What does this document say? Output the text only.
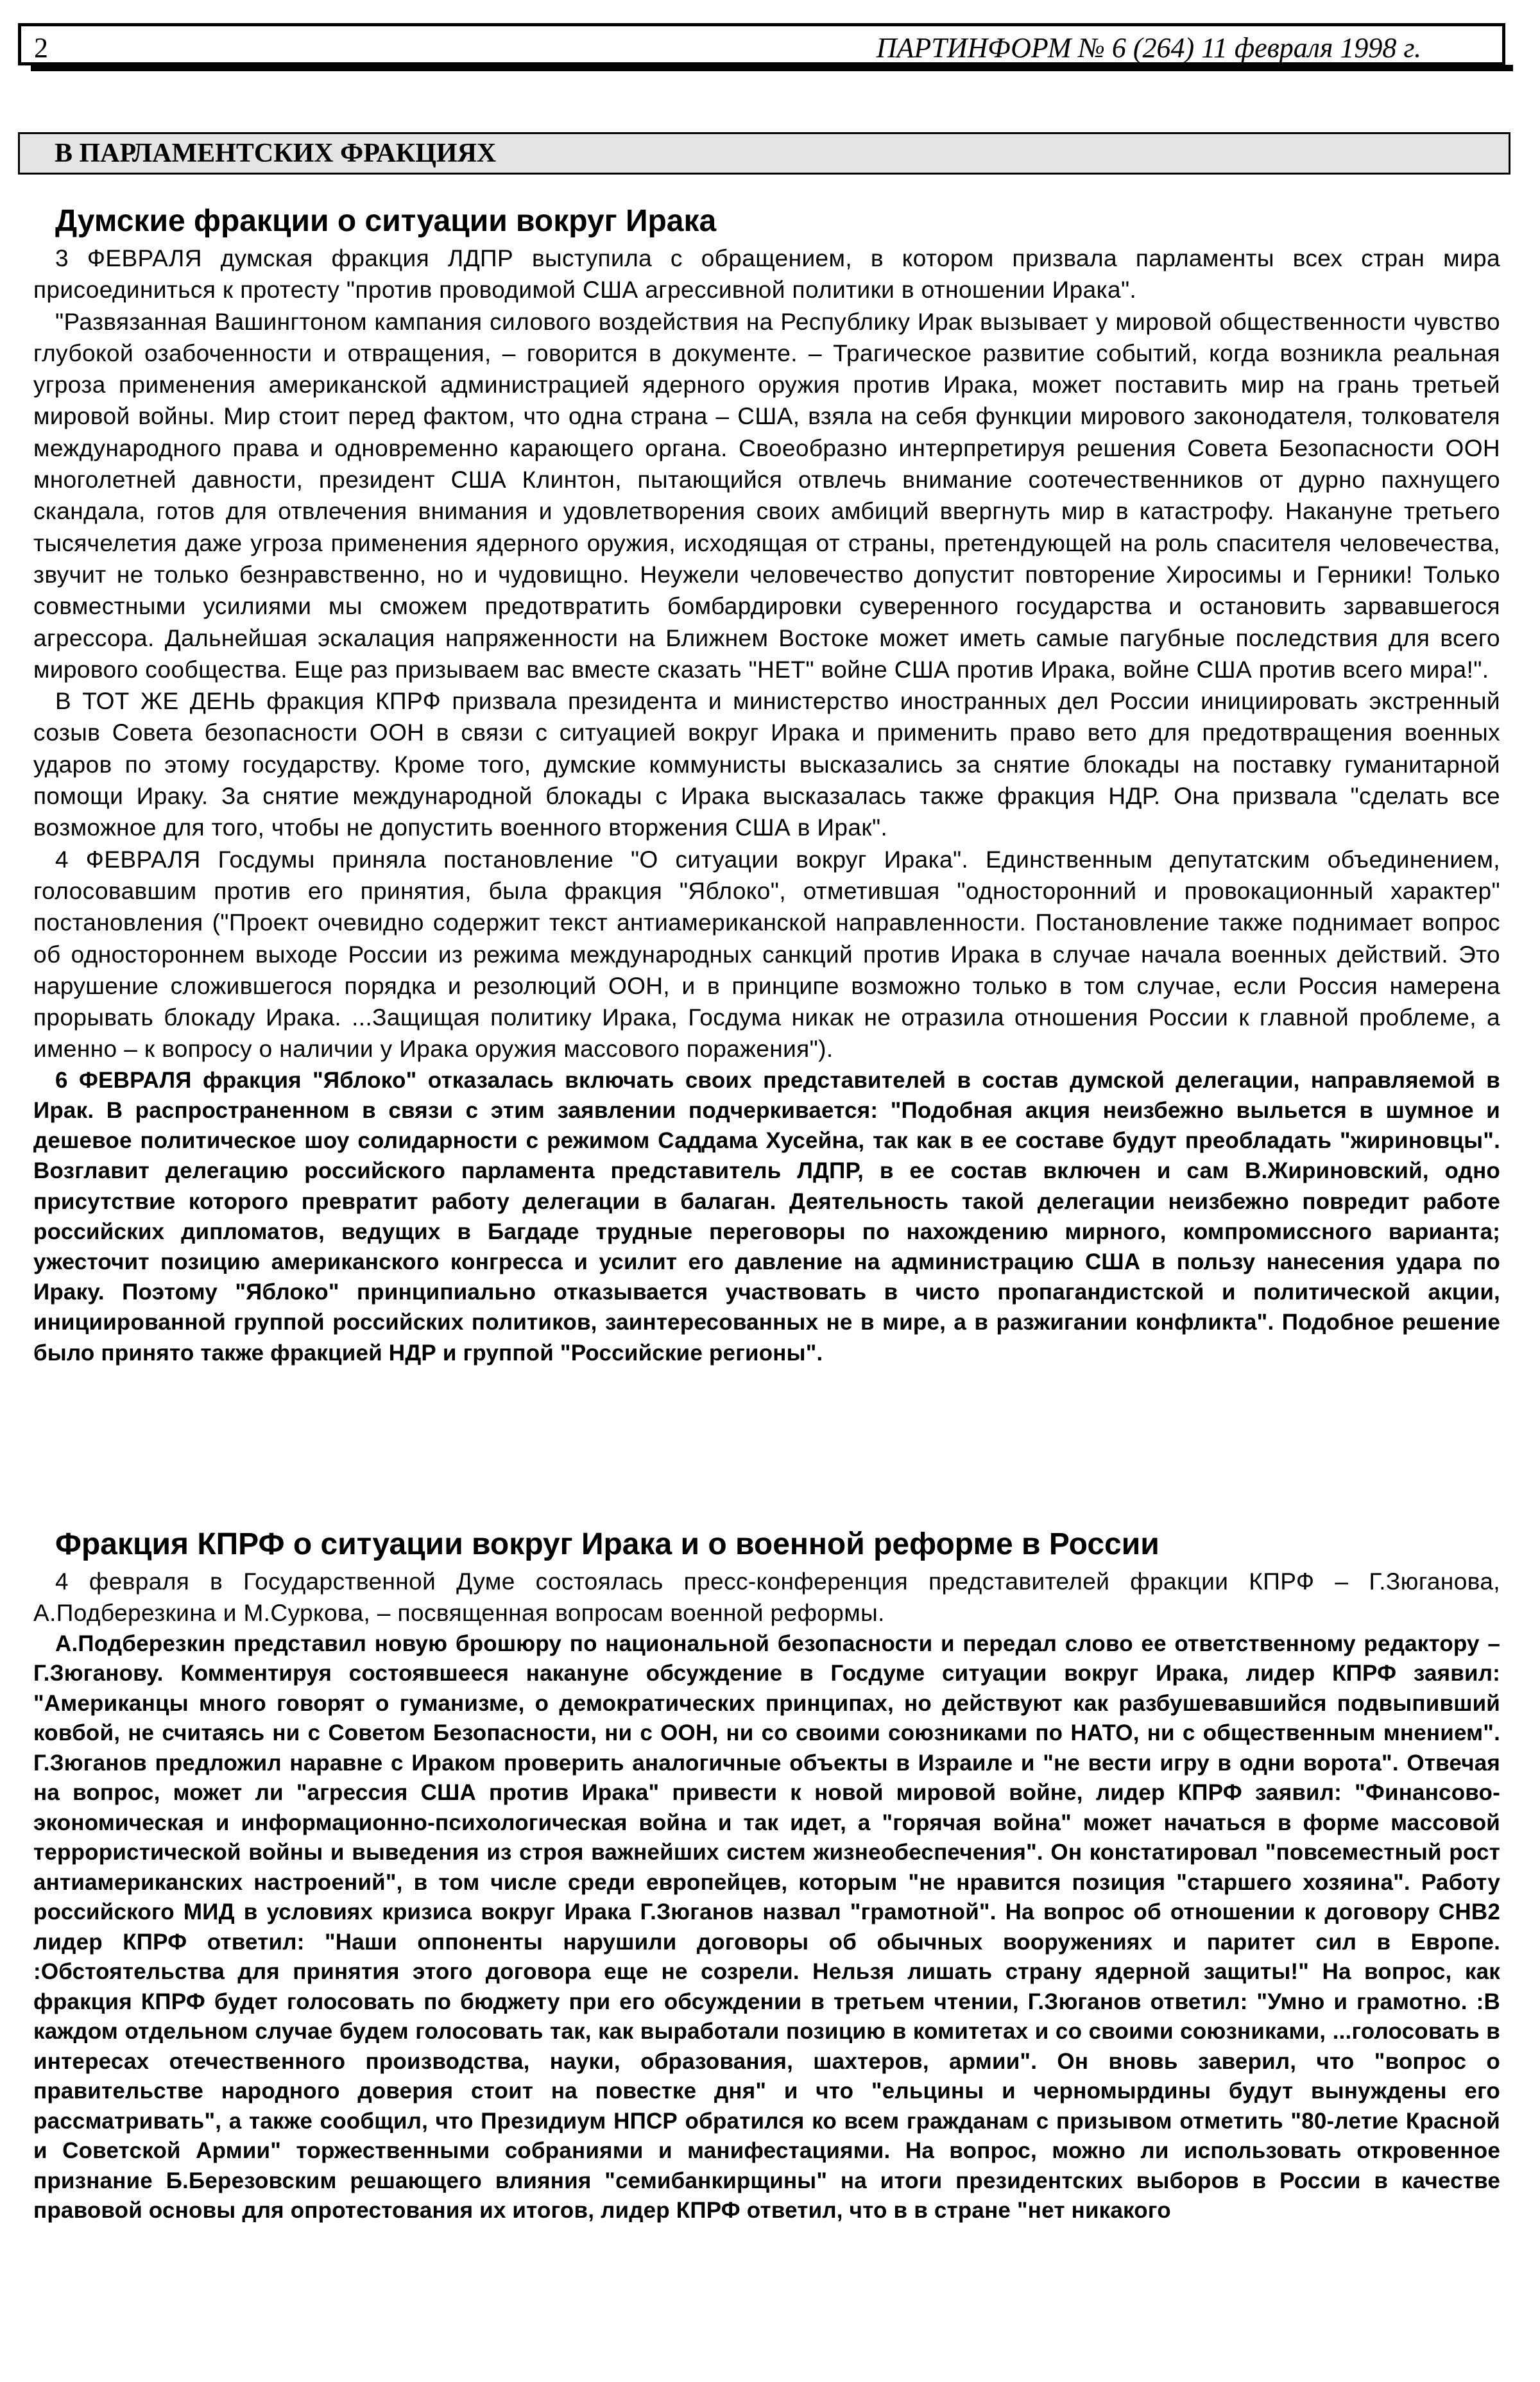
2	ПАРТИНФОРМ № 6 (264) 11 февраля 1998 г.
В ПАРЛАМЕНТСКИХ ФРАКЦИЯХ
Думские фракции о ситуации вокруг Ирака

3 ФЕВРАЛЯ думская фракция ЛДПР выступила с обращением, в котором призвала парламенты всех стран мира присоединиться к протесту "против проводимой США агрессивной политики в отношении Ирака".

"Развязанная Вашингтоном кампания силового воздействия на Республику Ирак вызывает у мировой общественности чувство глубокой озабоченности и отвращения, – говорится в документе. – Трагическое развитие событий, когда возникла реальная угроза применения американской администрацией ядерного оружия против Ирака, может поставить мир на грань третьей мировой войны. Мир стоит перед фактом, что одна страна – США, взяла на себя функции мирового законодателя, толкователя международного права и одновременно карающего органа. Своеобразно интерпретируя решения Совета Безопасности ООН многолетней давности, президент США Клинтон, пытающийся отвлечь внимание соотечественников от дурно пахнущего скандала, готов для отвлечения внимания и удовлетворения своих амбиций ввергнуть мир в катастрофу. Накануне третьего тысячелетия даже угроза применения ядерного оружия, исходящая от страны, претендующей на роль спасителя человечества, звучит не только безнравственно, но и чудовищно. Неужели человечество допустит повторение Хиросимы и Герники! Только совместными усилиями мы сможем предотвратить бомбардировки суверенного государства и остановить зарвавшегося агрессора. Дальнейшая эскалация напряженности на Ближнем Востоке может иметь самые пагубные последствия для всего мирового сообщества. Еще раз призываем вас вместе сказать "НЕТ" войне США против Ирака, войне США против всего мира!".

В ТОТ ЖЕ ДЕНЬ фракция КПРФ призвала президента и министерство иностранных дел России инициировать экстренный созыв Совета безопасности ООН в связи с ситуацией вокруг Ирака и применить право вето для предотвращения военных ударов по этому государству. Кроме того, думские коммунисты высказались за снятие блокады на поставку гуманитарной помощи Ираку. За снятие международной блокады с Ирака высказалась также фракция НДР. Она призвала "сделать все возможное для того, чтобы не допустить военного вторжения США в Ирак".

4 ФЕВРАЛЯ Госдумы приняла постановление "О ситуации вокруг Ирака". Единственным депутатским объединением, голосовавшим против его принятия, была фракция "Яблоко", отметившая "односторонний и провокационный характер" постановления ("Проект очевидно содержит текст антиамериканской направленности. Постановление также поднимает вопрос об одностороннем выходе России из режима международных санкций против Ирака в случае начала военных действий. Это нарушение сложившегося порядка и резолюций ООН, и в принципе возможно только в том случае, если Россия намерена прорывать блокаду Ирака. ...Защищая политику Ирака, Госдума никак не отразила отношения России к главной проблеме, а именно – к вопросу о наличии у Ирака оружия массового поражения").

6 ФЕВРАЛЯ фракция "Яблоко" отказалась включать своих представителей в состав думской делегации, направляемой в Ирак. В распространенном в связи с этим заявлении подчеркивается: "Подобная акция неизбежно выльется в шумное и дешевое политическое шоу солидарности с режимом Саддама Хусейна, так как в ее составе будут преобладать "жириновцы". Возглавит делегацию российского парламента представитель ЛДПР, в ее состав включен и сам В.Жириновский, одно присутствие которого превратит работу делегации в балаган. Деятельность такой делегации неизбежно повредит работе российских дипломатов, ведущих в Багдаде трудные переговоры по нахождению мирного, компромиссного варианта; ужесточит позицию американского конгресса и усилит его давление на администрацию США в пользу нанесения удара по Ираку. Поэтому "Яблоко" принципиально отказывается участвовать в чисто пропагандистской и политической акции, инициированной группой российских политиков, заинтересованных не в мире, а в разжигании конфликта". Подобное решение было принято также фракцией НДР и группой "Российские регионы".

Фракция КПРФ о ситуации вокруг Ирака и о военной реформе в России

4 февраля в Государственной Думе состоялась пресс-конференция представителей фракции КПРФ – Г.Зюганова, А.Подберезкина и М.Суркова, – посвященная вопросам военной реформы.

А.Подберезкин представил новую брошюру по национальной безопасности и передал слово ее ответственному редактору – Г.Зюганову. Комментируя состоявшееся накануне обсуждение в Госдуме ситуации вокруг Ирака, лидер КПРФ заявил: "Американцы много говорят о гуманизме, о демократических принципах, но действуют как разбушевавшийся подвыпивший ковбой, не считаясь ни с Советом Безопасности, ни с ООН, ни со своими союзниками по НАТО, ни с общественным мнением". Г.Зюганов предложил наравне с Ираком проверить аналогичные объекты в Израиле и "не вести игру в одни ворота". Отвечая на вопрос, может ли "агрессия США против Ирака" привести к новой мировой войне, лидер КПРФ заявил: "Финансово-экономическая и информационно-психологическая война и так идет, а "горячая война" может начаться в форме массовой террористической войны и выведения из строя важнейших систем жизнеобеспечения". Он констатировал "повсеместный рост антиамериканских настроений", в том числе среди европейцев, которым "не нравится позиция "старшего хозяина". Работу российского МИД в условиях кризиса вокруг Ирака Г.Зюганов назвал "грамотной". На вопрос об отношении к договору СНВ2 лидер КПРФ ответил: "Наши оппоненты нарушили договоры об обычных вооружениях и паритет сил в Европе. :Обстоятельства для принятия этого договора еще не созрели. Нельзя лишать страну ядерной защиты!" На вопрос, как фракция КПРФ будет голосовать по бюджету при его обсуждении в третьем чтении, Г.Зюганов ответил: "Умно и грамотно. :В каждом отдельном случае будем голосовать так, как выработали позицию в комитетах и со своими союзниками, ...голосовать в интересах отечественного производства, науки, образования, шахтеров, армии". Он вновь заверил, что "вопрос о правительстве народного доверия стоит на повестке дня" и что "ельцины и черномырдины будут вынуждены его рассматривать", а также сообщил, что Президиум НПСР обратился ко всем гражданам с призывом отметить "80-летие Красной и Советской Армии" торжественными собраниями и манифестациями. На вопрос, можно ли использовать откровенное признание Б.Березовским решающего влияния "семибанкирщины" на итоги президентских выборов в России в качестве правовой основы для опротестования их итогов, лидер КПРФ ответил, что в в стране "нет никакого
